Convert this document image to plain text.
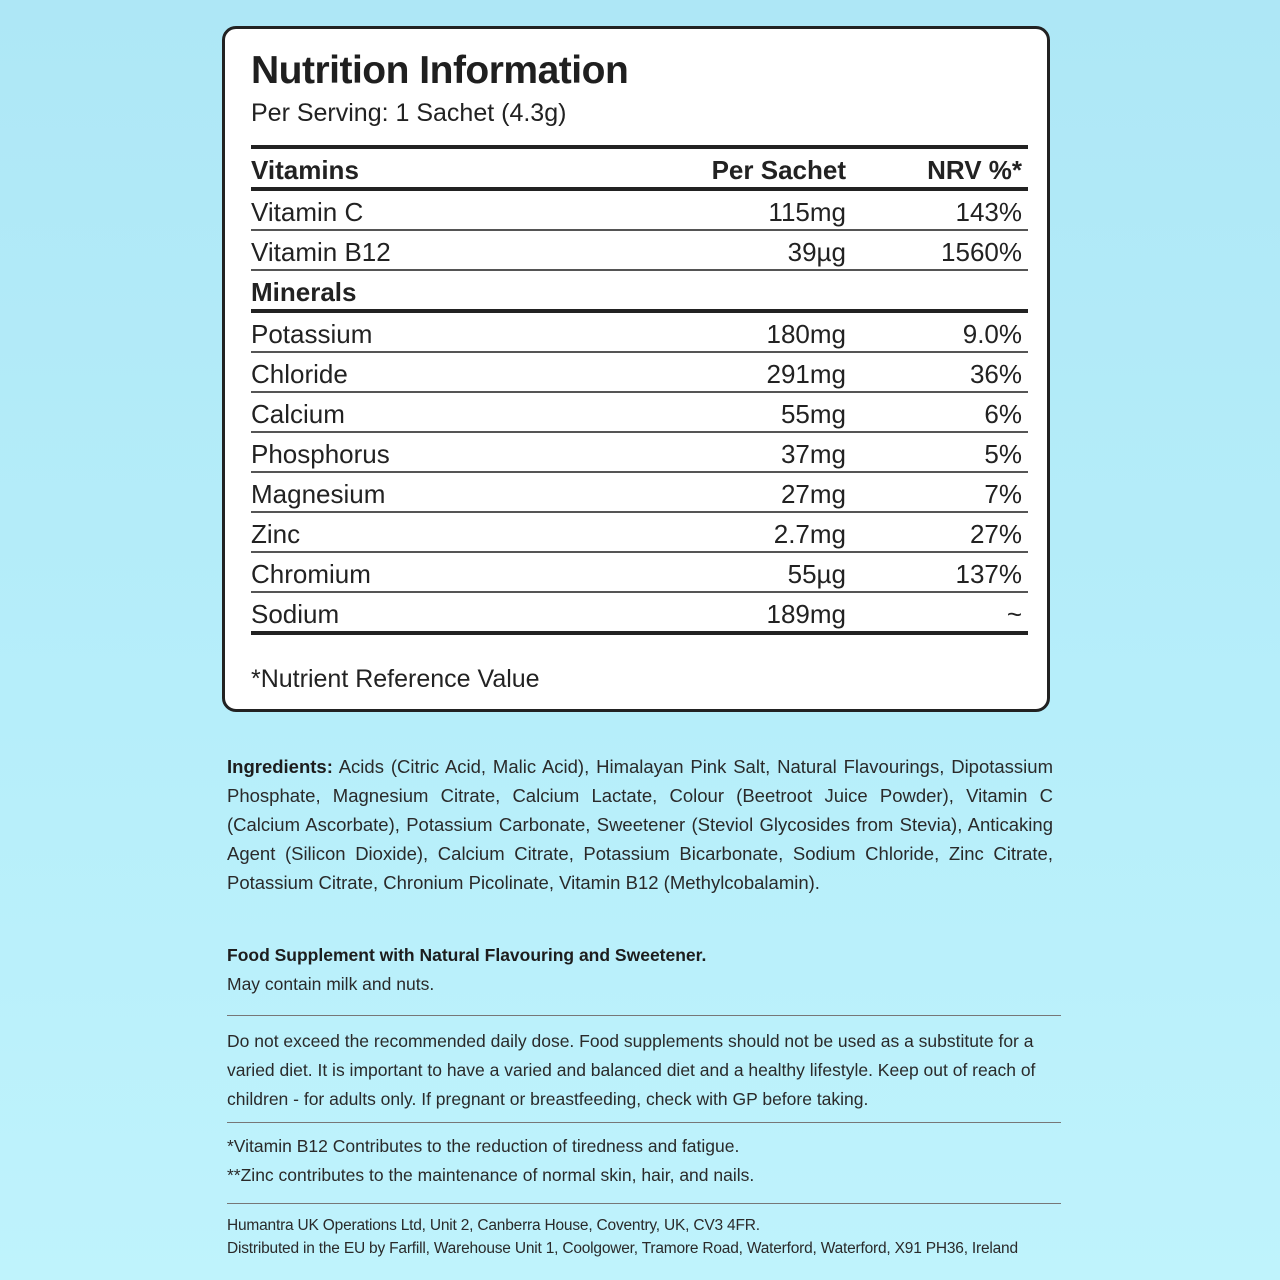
Nutrition Information
Per Serving: 1 Sachet (4.3g)
Vitamins	Per Sachet	NRV %*
Vitamin C	115mg	143%
Vitamin B12	39µg	1560%
Minerals
Potassium	180mg	9.0%
Chloride	291mg	36%
Calcium	55mg	6%
Phosphorus	37mg	5%
Magnesium	27mg	7%
Zinc	2.7mg	27%
Chromium	55µg	137%
Sodium	189mg	~
*Nutrient Reference Value
Ingredients: Acids (Citric Acid, Malic Acid), Himalayan Pink Salt, Natural Flavourings, Dipotassium Phosphate, Magnesium Citrate, Calcium Lactate, Colour (Beetroot Juice Powder), Vitamin C (Calcium Ascorbate), Potassium Carbonate, Sweetener (Steviol Glycosides from Stevia), Anticaking Agent (Silicon Dioxide), Calcium Citrate, Potassium Bicarbonate, Sodium Chloride, Zinc Citrate, Potassium Citrate, Chronium Picolinate, Vitamin B12 (Methylcobalamin).
Food Supplement with Natural Flavouring and Sweetener.
May contain milk and nuts.
Do not exceed the recommended daily dose. Food supplements should not be used as a substitute for a varied diet. It is important to have a varied and balanced diet and a healthy lifestyle. Keep out of reach of children - for adults only. If pregnant or breastfeeding, check with GP before taking.
*Vitamin B12 Contributes to the reduction of tiredness and fatigue.
**Zinc contributes to the maintenance of normal skin, hair, and nails.
Humantra UK Operations Ltd, Unit 2, Canberra House, Coventry, UK, CV3 4FR.
Distributed in the EU by Farfill, Warehouse Unit 1, Coolgower, Tramore Road, Waterford, Waterford, X91 PH36, Ireland
